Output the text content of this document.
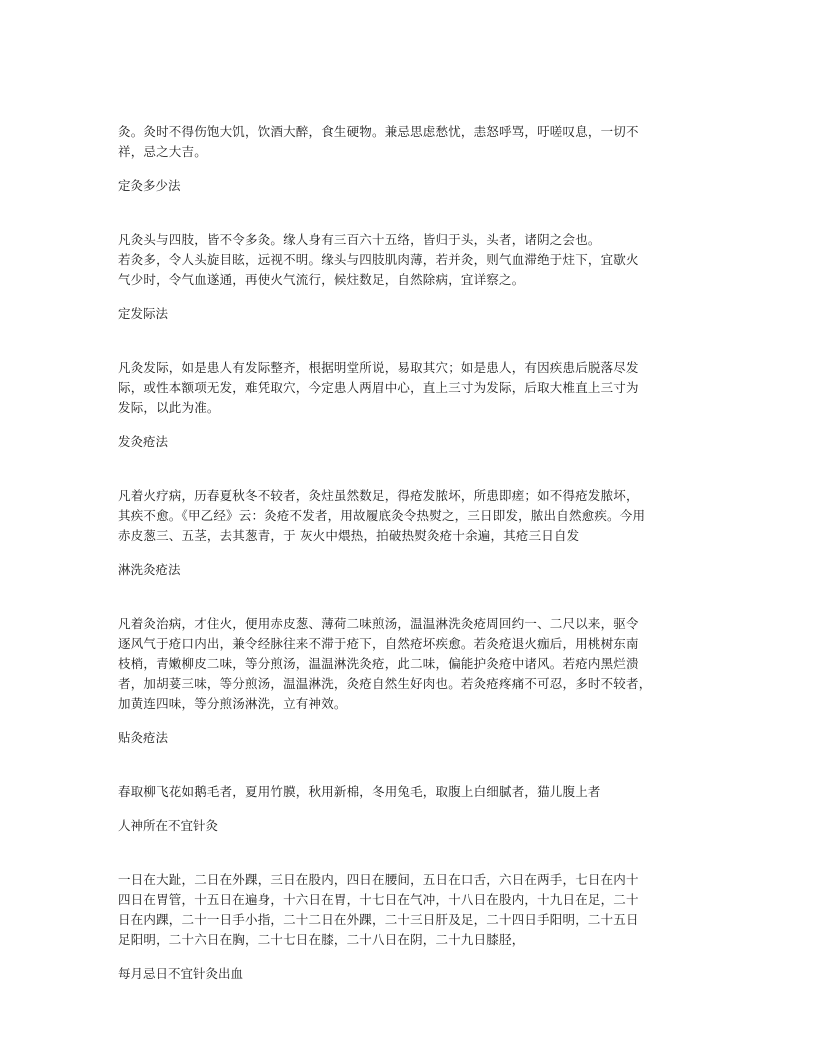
灸。灸时不得伤饱大饥，饮酒大醉，食生硬物。兼忌思虑愁忧，恚怒呼骂，吁嗟叹息，一切不
祥，忌之大吉。
定灸多少法
凡灸头与四肢，皆不令多灸。缘人身有三百六十五络，皆归于头，头者，诸阴之会也。
若灸多，令人头旋目眩，远视不明。缘头与四肢肌肉薄，若并灸，则气血滞绝于炷下，宜歇火
气少时，令气血遂通，再使火气流行，候炷数足，自然除病，宜详察之。
定发际法
凡灸发际，如是患人有发际整齐，根据明堂所说，易取其穴；如是患人，有因疾患后脱落尽发
际，或性本额项无发，难凭取穴，今定患人两眉中心，直上三寸为发际，后取大椎直上三寸为
发际，以此为准。
发灸疮法
凡着火疗病，历春夏秋冬不较者，灸炷虽然数足，得疮发脓坏，所患即瘥；如不得疮发脓坏，
其疾不愈。《甲乙经》云：灸疮不发者，用故履底灸令热熨之，三日即发，脓出自然愈疾。今用
赤皮葱三、五茎，去其葱青，于 灰火中煨热，拍破热熨灸疮十余遍，其疮三日自发
淋洗灸疮法
凡着灸治病，才住火，便用赤皮葱、薄荷二味煎汤，温温淋洗灸疮周回约一、二尺以来，驱令
逐风气于疮口内出，兼令经脉往来不滞于疮下，自然疮坏疾愈。若灸疮退火痂后，用桃树东南
枝梢，青嫩柳皮二味，等分煎汤，温温淋洗灸疮，此二味，偏能护灸疮中诸风。若疮内黑烂溃
者，加胡荽三味，等分煎汤，温温淋洗，灸疮自然生好肉也。若灸疮疼痛不可忍，多时不较者，
加黄连四味，等分煎汤淋洗，立有神效。
贴灸疮法
春取柳飞花如鹅毛者，夏用竹膜，秋用新棉，冬用兔毛，取腹上白细腻者，猫儿腹上者
人神所在不宜针灸
一日在大趾，二日在外踝，三日在股内，四日在腰间，五日在口舌，六日在两手，七日在内十
四日在胃管，十五日在遍身，十六日在胃，十七日在气冲，十八日在股内，十九日在足，二十
日在内踝，二十一日手小指，二十二日在外踝，二十三日肝及足，二十四日手阳明，二十五日
足阳明，二十六日在胸，二十七日在膝，二十八日在阴，二十九日膝胫，
每月忌日不宜针灸出血
